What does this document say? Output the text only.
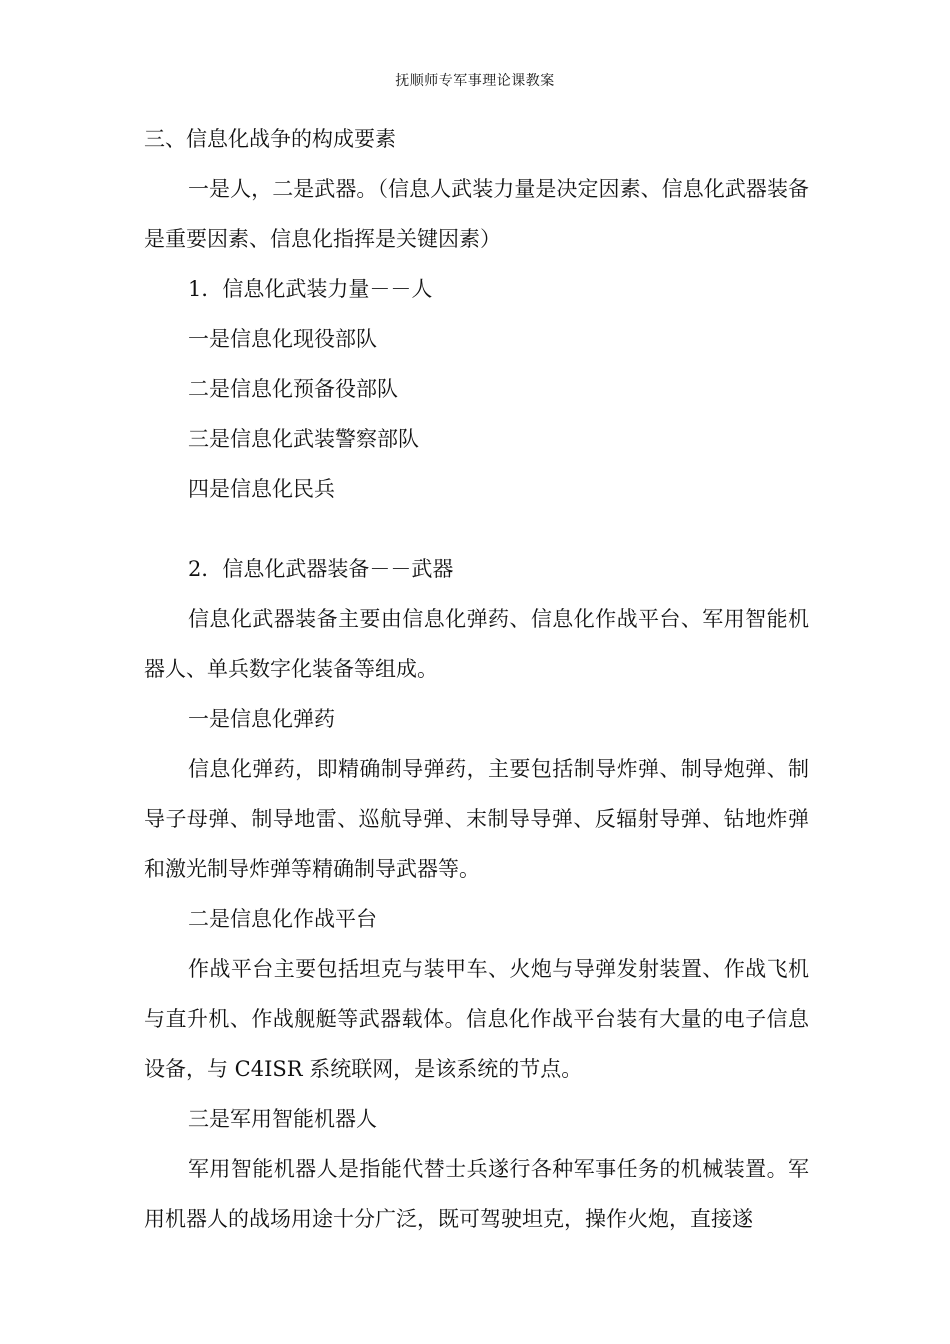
抚顺师专军事理论课教案

三、信息化战争的构成要素

一是人，二是武器。（信息人武装力量是决定因素、信息化武器装备是重要因素、信息化指挥是关键因素）

1．信息化武装力量－－人

一是信息化现役部队

二是信息化预备役部队

三是信息化武装警察部队

四是信息化民兵

2．信息化武器装备－－武器

信息化武器装备主要由信息化弹药、信息化作战平台、军用智能机器人、单兵数字化装备等组成。

一是信息化弹药

信息化弹药，即精确制导弹药，主要包括制导炸弹、制导炮弹、制导子母弹、制导地雷、巡航导弹、末制导导弹、反辐射导弹、钻地炸弹和激光制导炸弹等精确制导武器等。

二是信息化作战平台

作战平台主要包括坦克与装甲车、火炮与导弹发射装置、作战飞机与直升机、作战舰艇等武器载体。信息化作战平台装有大量的电子信息设备，与 C4ISR 系统联网，是该系统的节点。

三是军用智能机器人

军用智能机器人是指能代替士兵遂行各种军事任务的机械装置。军用机器人的战场用途十分广泛，既可驾驶坦克，操作火炮，直接遂
